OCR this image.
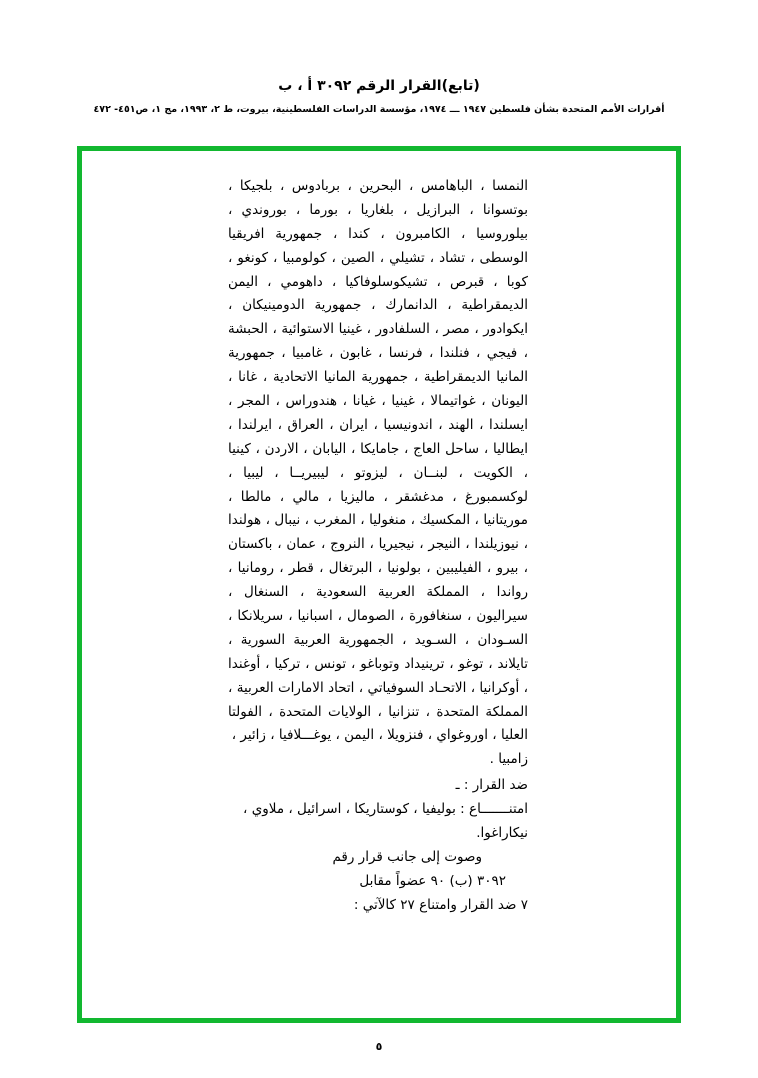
(تابع)القرار الرقم ٣٠٩٢ أ ، ب
أقرارات الأمم المتحدة بشأن فلسطين ١٩٤٧ ـــ ١٩٧٤، مؤسسة الدراسات الفلسطينية، بيروت، ط ٢، ١٩٩٣، مج ١، ص٤٥١- ٤٧٢‎

النمسا ، الباهامس ، البحرين ، بربادوس ، بلجيكا ، بوتسوانا ، البرازيل ، بلغاريا ، بورما ، بوروندي ، بيلوروسيا ، الكامبرون ، كندا ، جمهورية افريقيا الوسطى ، تشاد ، تشيلي ، الصين ، كولومبيا ، كونغو ، كوبا ، قبرص ، تشيكوسلوفاكيا ، داهومي ، اليمن الديمقراطية ، الدانمارك ، جمهورية الدومينيكان ، ايكوادور ، مصر ، السلفادور ، غينيا الاستوائية ، الحبشة ، فيجي ، فنلندا ، فرنسا ، غابون ، غامبيا ، جمهورية المانيا الديمقراطية ، جمهورية المانيا الاتحادية ، غانا ، اليونان ، غواتيمالا ، غينيا ، غيانا ، هندوراس ، المجر ، ايسلندا ، الهند ، اندونيسيا ، ايران ، العراق ، ايرلندا ، ايطاليا ، ساحل العاج ، جامايكا ، اليابان ، الاردن ، كينيا ، الكويت ، لبنــان ، ليزوتو ، ليبيريــا ، ليبيا ، لوكسمبورغ ، مدغشقر ، ماليزيا ، مالي ، مالطا ، موريتانيا ، المكسيك ، منغوليا ، المغرب ، نيبال ، هولندا ، نيوزيلندا ، النيجر ، نيجيريا ، النروج ، عمان ، باكستان ، بيرو ، الفيليبين ، بولونيا ، البرتغال ، قطر ، رومانيا ، رواندا ، المملكة العربية السعودية ، السنغال ، سيراليون ، سنغافورة ، الصومال ، اسبانيا ، سريلانكا ، السـودان ، السـويد ، الجمهورية العربية السورية ، تايلاند ، توغو ، ترينيداد وتوباغو ، تونس ، تركيا ، أوغندا ، أوكرانيا ، الاتحـاد السوفياتي ، اتحاد الامارات العربية ، المملكة المتحدة ، تنزانيا ، الولايات المتحدة ، الفولتا العليا ، اوروغواي ، فنزويلا ، اليمن ، يوغـــلافيا ، زائير ،

زامبيا .

ضد القرار : ـ

امتنـــــــاع : بوليفيا ، كوستاريكا ، اسرائيل ، ملاوي ، نيكاراغوا.

وصوت إلى جانب قرار رقم

٣٠٩٢ (ب) ٩٠ عضواً مقابل

٧ ضد القرار وامتناع ٢٧ كالآتي :

٥
